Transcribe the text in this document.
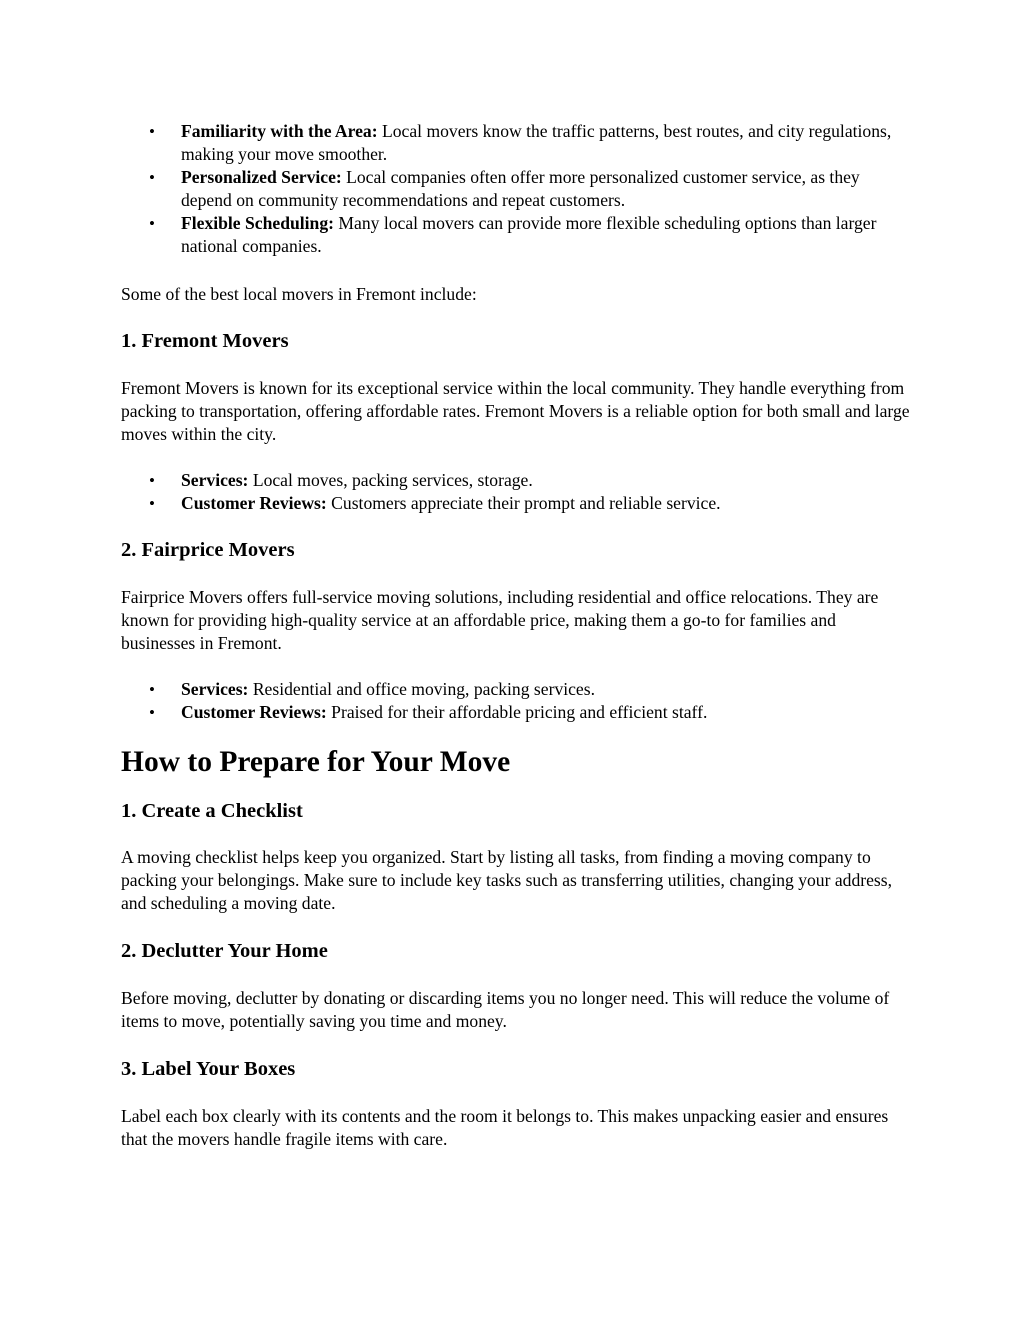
• Familiarity with the Area: Local movers know the traffic patterns, best routes, and city regulations, making your move smoother.
• Personalized Service: Local companies often offer more personalized customer service, as they depend on community recommendations and repeat customers.
• Flexible Scheduling: Many local movers can provide more flexible scheduling options than larger national companies.

Some of the best local movers in Fremont include:

1. Fremont Movers

Fremont Movers is known for its exceptional service within the local community. They handle everything from packing to transportation, offering affordable rates. Fremont Movers is a reliable option for both small and large moves within the city.

• Services: Local moves, packing services, storage.
• Customer Reviews: Customers appreciate their prompt and reliable service.
2. Fairprice Movers

Fairprice Movers offers full-service moving solutions, including residential and office relocations. They are known for providing high-quality service at an affordable price, making them a go-to for families and businesses in Fremont.

• Services: Residential and office moving, packing services.
• Customer Reviews: Praised for their affordable pricing and efficient staff.
How to Prepare for Your Move
1. Create a Checklist

A moving checklist helps keep you organized. Start by listing all tasks, from finding a moving company to packing your belongings. Make sure to include key tasks such as transferring utilities, changing your address, and scheduling a moving date.

2. Declutter Your Home

Before moving, declutter by donating or discarding items you no longer need. This will reduce the volume of items to move, potentially saving you time and money.

3. Label Your Boxes

Label each box clearly with its contents and the room it belongs to. This makes unpacking easier and ensures that the movers handle fragile items with care.
